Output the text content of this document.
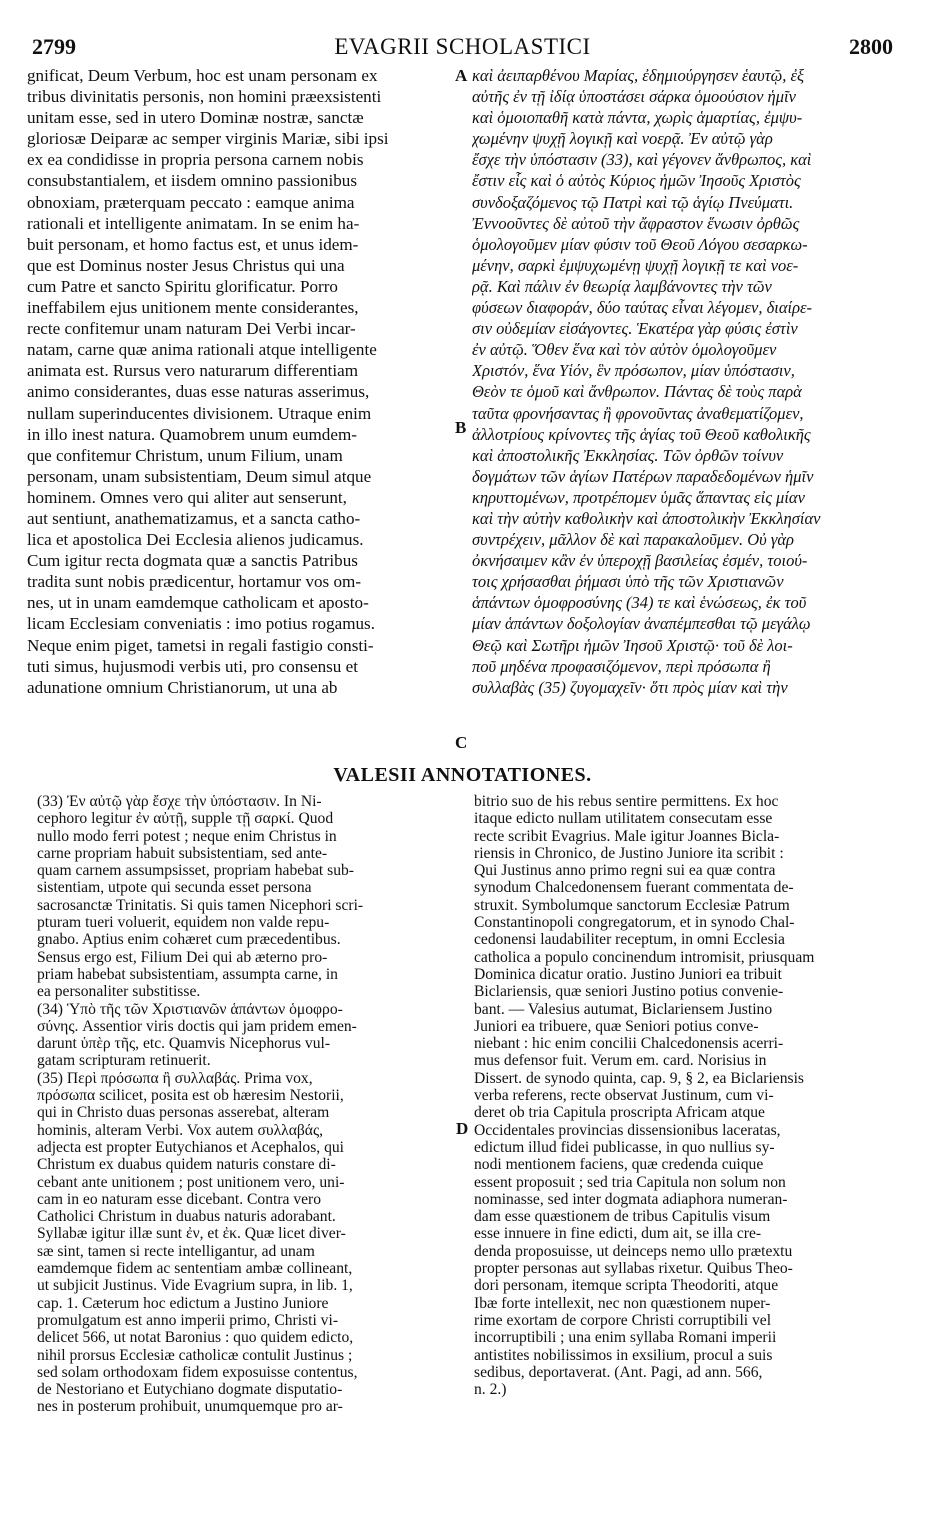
2799	EVAGRII SCHOLASTICI	2800
gnificat, Deum Verbum, hoc est unam personam ex
tribus divinitatis personis, non homini præexsistenti
unitam esse, sed in utero Dominæ nostræ, sanctæ
gloriosæ Deiparæ ac semper virginis Mariæ, sibi ipsi
ex ea condidisse in propria persona carnem nobis
consubstantialem, et iisdem omnino passionibus
obnoxiam, præterquam peccato : eamque anima
rationali et intelligente animatam. In se enim ha-
buit personam, et homo factus est, et unus idem-
que est Dominus noster Jesus Christus qui una
cum Patre et sancto Spiritu glorificatur. Porro
ineffabilem ejus unitionem mente considerantes,
recte confitemur unam naturam Dei Verbi incar-
natam, carne quæ anima rationali atque intelligente
animata est. Rursus vero naturarum differentiam
animo considerantes, duas esse naturas asserimus,
nullam superinducentes divisionem. Utraque enim
in illo inest natura. Quamobrem unum eumdem-
que confitemur Christum, unum Filium, unam
personam, unam subsistentiam, Deum simul atque
hominem. Omnes vero qui aliter aut senserunt,
aut sentiunt, anathematizamus, et a sancta catho-
lica et apostolica Dei Ecclesia alienos judicamus.
Cum igitur recta dogmata quæ a sanctis Patribus
tradita sunt nobis prædicentur, hortamur vos om-
nes, ut in unam eamdemque catholicam et aposto-
licam Ecclesiam conveniatis : imo potius rogamus.
Neque enim piget, tametsi in regali fastigio consti-
tuti simus, hujusmodi verbis uti, pro consensu et
adunatione omnium Christianorum, ut una ab
καὶ ἀειπαρθένου Μαρίας, ἐδημιούργησεν ἑαυτῷ, ἐξ
αὐτῆς ἐν τῇ ἰδίᾳ ὑποστάσει σάρκα ὁμοούσιον ἡμῖν
καὶ ὁμοιοπαθῆ κατὰ πάντα, χωρὶς ἁμαρτίας, ἐμψυ-
χωμένην ψυχῇ λογικῇ καὶ νοερᾷ. Ἐν αὐτῷ γὰρ
ἔσχε τὴν ὑπόστασιν (33), καὶ γέγονεν ἄνθρωπος, καὶ
ἔστιν εἷς καὶ ὁ αὐτὸς Κύριος ἡμῶν Ἰησοῦς Χριστὸς
συνδοξαζόμενος τῷ Πατρὶ καὶ τῷ ἁγίῳ Πνεύματι.
Ἐννοοῦντες δὲ αὐτοῦ τὴν ἄφραστον ἕνωσιν ὀρθῶς
ὁμολογοῦμεν μίαν φύσιν τοῦ Θεοῦ Λόγου σεσαρκω-
μένην, σαρκὶ ἐμψυχωμένῃ ψυχῇ λογικῇ τε καὶ νοε-
ρᾷ. Καὶ πάλιν ἐν θεωρίᾳ λαμβάνοντες τὴν τῶν
φύσεων διαφοράν, δύο ταύτας εἶναι λέγομεν, διαίρε-
σιν οὐδεμίαν εἰσάγοντες. Ἑκατέρα γὰρ φύσις ἐστὶν
ἐν αὐτῷ. Ὅθεν ἕνα καὶ τὸν αὐτὸν ὁμολογοῦμεν
Χριστόν, ἕνα Υἱόν, ἓν πρόσωπον, μίαν ὑπόστασιν,
Θεὸν τε ὁμοῦ καὶ ἄνθρωπον. Πάντας δὲ τοὺς παρὰ
ταῦτα φρονήσαντας ἢ φρονοῦντας ἀναθεματίζομεν,
ἀλλοτρίους κρίνοντες τῆς ἁγίας τοῦ Θεοῦ καθολικῆς
καὶ ἀποστολικῆς Ἐκκλησίας. Τῶν ὀρθῶν τοίνυν
δογμάτων τῶν ἁγίων Πατέρων παραδεδομένων ἡμῖν
κηρυττομένων, προτρέπομεν ὑμᾶς ἅπαντας εἰς μίαν
καὶ τὴν αὐτὴν καθολικὴν καὶ ἀποστολικὴν Ἐκκλησίαν
συντρέχειν, μᾶλλον δὲ καὶ παρακαλοῦμεν. Οὐ γὰρ
ὀκνήσαιμεν κἂν ἐν ὑπεροχῇ βασιλείας ἐσμέν, τοιού-
τοις χρήσασθαι ῥήμασι ὑπὸ τῆς τῶν Χριστιανῶν
ἁπάντων ὁμοφροσύνης (34) τε καὶ ἑνώσεως, ἐκ τοῦ
μίαν ἁπάντων δοξολογίαν ἀναπέμπεσθαι τῷ μεγάλῳ
Θεῷ καὶ Σωτῆρι ἡμῶν Ἰησοῦ Χριστῷ· τοῦ δὲ λοι-
ποῦ μηδένα προφασιζόμενον, περὶ πρόσωπα ἢ
συλλαβὰς (35) ζυγομαχεῖν· ὅτι πρὸς μίαν καὶ τὴν
A
B
C
VALESII ANNOTATIONES.
(33) Ἐν αὐτῷ γὰρ ἔσχε τὴν ὑπόστασιν. In Ni-
cephoro legitur ἐν αὐτῇ, supple τῇ σαρκί. Quod
nullo modo ferri potest ; neque enim Christus in
carne propriam habuit subsistentiam, sed ante-
quam carnem assumpsisset, propriam habebat sub-
sistentiam, utpote qui secunda esset persona
sacrosanctæ Trinitatis. Si quis tamen Nicephori scri-
pturam tueri voluerit, equidem non valde repu-
gnabo. Aptius enim cohæret cum præcedentibus.
Sensus ergo est, Filium Dei qui ab æterno pro-
priam habebat subsistentiam, assumpta carne, in
ea personaliter substitisse.
(34) Ὑπὸ τῆς τῶν Χριστιανῶν ἁπάντων ὁμοφρο-
σύνης. Assentior viris doctis qui jam pridem emen-
darunt ὑπὲρ τῆς, etc. Quamvis Nicephorus vul-
gatam scripturam retinuerit.
(35) Περὶ πρόσωπα ἢ συλλαβάς. Prima vox,
πρόσωπα scilicet, posita est ob hæresim Nestorii,
qui in Christo duas personas asserebat, alteram
hominis, alteram Verbi. Vox autem συλλαβάς,
adjecta est propter Eutychianos et Acephalos, qui
Christum ex duabus quidem naturis constare di-
cebant ante unitionem ; post unitionem vero, uni-
cam in eo naturam esse dicebant. Contra vero
Catholici Christum in duabus naturis adorabant.
Syllabæ igitur illæ sunt ἐν, et ἐκ. Quæ licet diver-
sæ sint, tamen si recte intelligantur, ad unam
eamdemque fidem ac sententiam ambæ collineant,
ut subjicit Justinus. Vide Evagrium supra, in lib. 1,
cap. 1. Cæterum hoc edictum a Justino Juniore
promulgatum est anno imperii primo, Christi vi-
delicet 566, ut notat Baronius : quo quidem edicto,
nihil prorsus Ecclesiæ catholicæ contulit Justinus ;
sed solam orthodoxam fidem exposuisse contentus,
de Nestoriano et Eutychiano dogmate disputatio-
nes in posterum prohibuit, unumquemque pro ar-
bitrio suo de his rebus sentire permittens. Ex hoc
itaque edicto nullam utilitatem consecutam esse
recte scribit Evagrius. Male igitur Joannes Bicla-
riensis in Chronico, de Justino Juniore ita scribit :
Qui Justinus anno primo regni sui ea quæ contra
synodum Chalcedonensem fuerant commentata de-
struxit. Symbolumque sanctorum Ecclesiæ Patrum
Constantinopoli congregatorum, et in synodo Chal-
cedonensi laudabiliter receptum, in omni Ecclesia
catholica a populo concinendum intromisit, priusquam
Dominica dicatur oratio. Justino Juniori ea tribuit
Biclariensis, quæ seniori Justino potius convenie-
bant. — Valesius autumat, Biclariensem Justino
Juniori ea tribuere, quæ Seniori potius conve-
niebant : hic enim concilii Chalcedonensis acerri-
mus defensor fuit. Verum em. card. Norisius in
Dissert. de synodo quinta, cap. 9, § 2, ea Biclariensis
verba referens, recte observat Justinum, cum vi-
deret ob tria Capitula proscripta Africam atque
Occidentales provincias dissensionibus laceratas,
edictum illud fidei publicasse, in quo nullius sy-
nodi mentionem faciens, quæ credenda cuique
essent proposuit ; sed tria Capitula non solum non
nominasse, sed inter dogmata adiaphora numeran-
dam esse quæstionem de tribus Capitulis visum
esse innuere in fine edicti, dum ait, se illa cre-
denda proposuisse, ut deinceps nemo ullo prætextu
propter personas aut syllabas rixetur. Quibus Theo-
dori personam, itemque scripta Theodoriti, atque
Ibæ forte intellexit, nec non quæstionem nuper-
rime exortam de corpore Christi corruptibili vel
incorruptibili ; una enim syllaba Romani imperii
antistites nobilissimos in exsilium, procul a suis
sedibus, deportaverat. (Ant. Pagi, ad ann. 566,
n. 2.)
D
